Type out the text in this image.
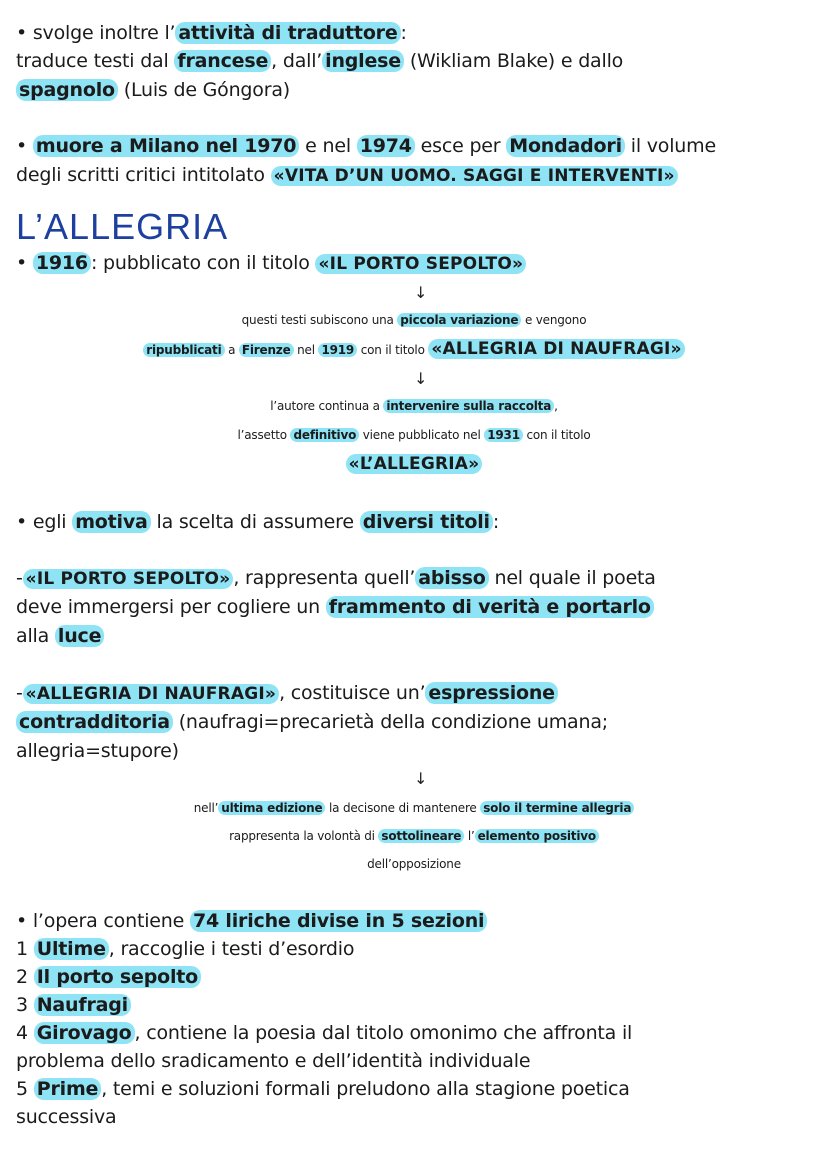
• svolge inoltre l’ attività di traduttore :
traduce testi dal francese , dall’ inglese (Wikliam Blake) e dallo
spagnolo (Luis de Góngora)
• muore a Milano nel 1970 e nel 1974 esce per Mondadori il volume
degli scritti critici intitolato «VITA D’UN UOMO. SAGGI E INTERVENTI»
L’ALLEGRIA
• 1916 : pubblicato con il titolo «IL PORTO SEPOLTO»
↓
questi testi subiscono una piccola variazione e vengono
ripubblicati a Firenze nel 1919 con il titolo «ALLEGRIA DI NAUFRAGI»
↓
l’autore continua a intervenire sulla raccolta ,
l’assetto definitivo viene pubblicato nel 1931 con il titolo
«L’ALLEGRIA»
• egli motiva la scelta di assumere diversi titoli :
- «IL PORTO SEPOLTO» , rappresenta quell’ abisso nel quale il poeta
deve immergersi per cogliere un frammento di verità e portarlo
alla luce
- «ALLEGRIA DI NAUFRAGI» , costituisce un’ espressione
contradditoria (naufragi=precarietà della condizione umana;
allegria=stupore)
↓
nell’ ultima edizione la decisone di mantenere solo il termine allegria
rappresenta la volontà di sottolineare l’ elemento positivo
dell’opposizione
• l’opera contiene 74 liriche divise in 5 sezioni
1 Ultime , raccoglie i testi d’esordio
2 Il porto sepolto
3 Naufragi
4 Girovago , contiene la poesia dal titolo omonimo che affronta il
problema dello sradicamento e dell’identità individuale
5 Prime , temi e soluzioni formali preludono alla stagione poetica
successiva
